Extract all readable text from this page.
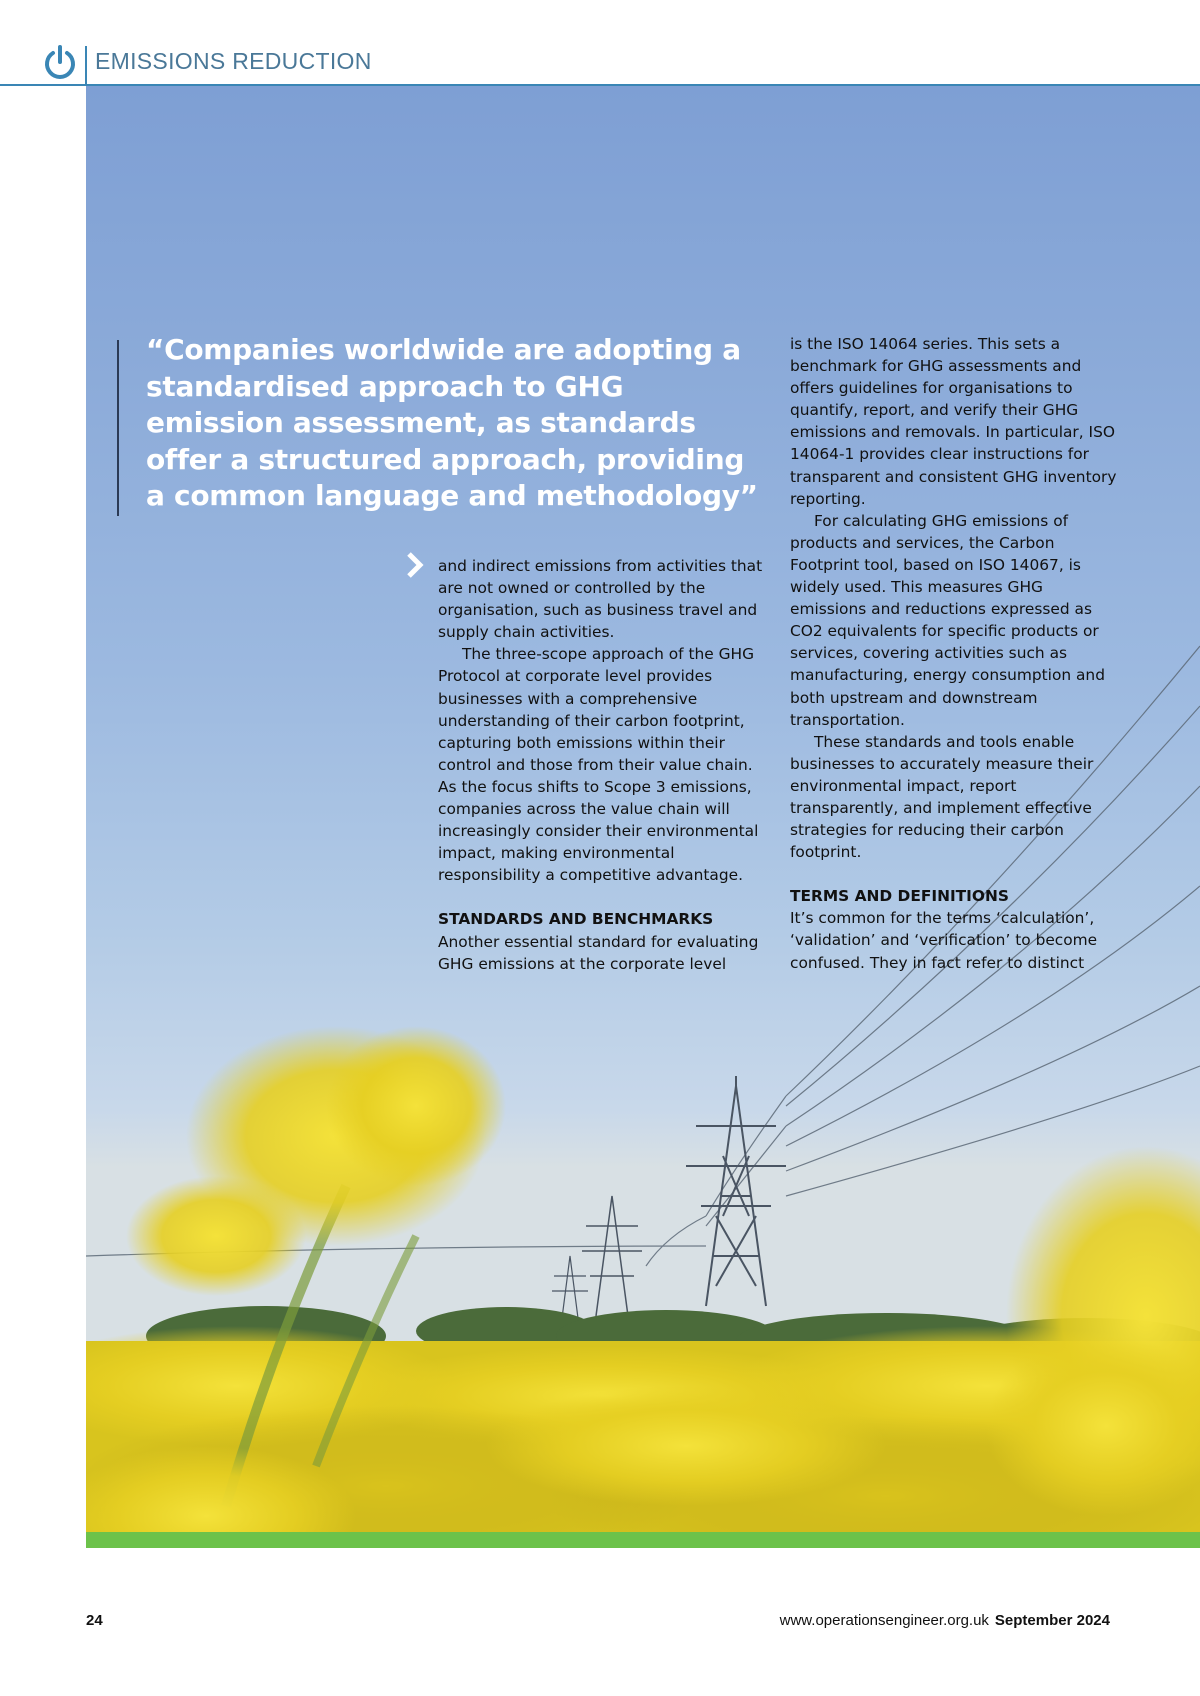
EMISSIONS REDUCTION

“Companies worldwide are adopting a standardised approach to GHG emission assessment, as standards offer a structured approach, providing a common language and methodology”

and indirect emissions from activities that are not owned or controlled by the organisation, such as business travel and supply chain activities.

The three-scope approach of the GHG Protocol at corporate level provides businesses with a comprehensive understanding of their carbon footprint, capturing both emissions within their control and those from their value chain. As the focus shifts to Scope 3 emissions, companies across the value chain will increasingly consider their environmental impact, making environmental responsibility a competitive advantage.

STANDARDS AND BENCHMARKS

Another essential standard for evaluating GHG emissions at the corporate level

is the ISO 14064 series. This sets a benchmark for GHG assessments and offers guidelines for organisations to quantify, report, and verify their GHG emissions and removals. In particular, ISO 14064-1 provides clear instructions for transparent and consistent GHG inventory reporting.

For calculating GHG emissions of products and services, the Carbon Footprint tool, based on ISO 14067, is widely used. This measures GHG emissions and reductions expressed as CO2 equivalents for specific products or services, covering activities such as manufacturing, energy consumption and both upstream and downstream transportation.

These standards and tools enable businesses to accurately measure their environmental impact, report transparently, and implement effective strategies for reducing their carbon footprint.

TERMS AND DEFINITIONS

It’s common for the terms ‘calculation’, ‘validation’ and ‘verification’ to become confused. They in fact refer to distinct

24	www.operationsengineer.org.uk September 2024
